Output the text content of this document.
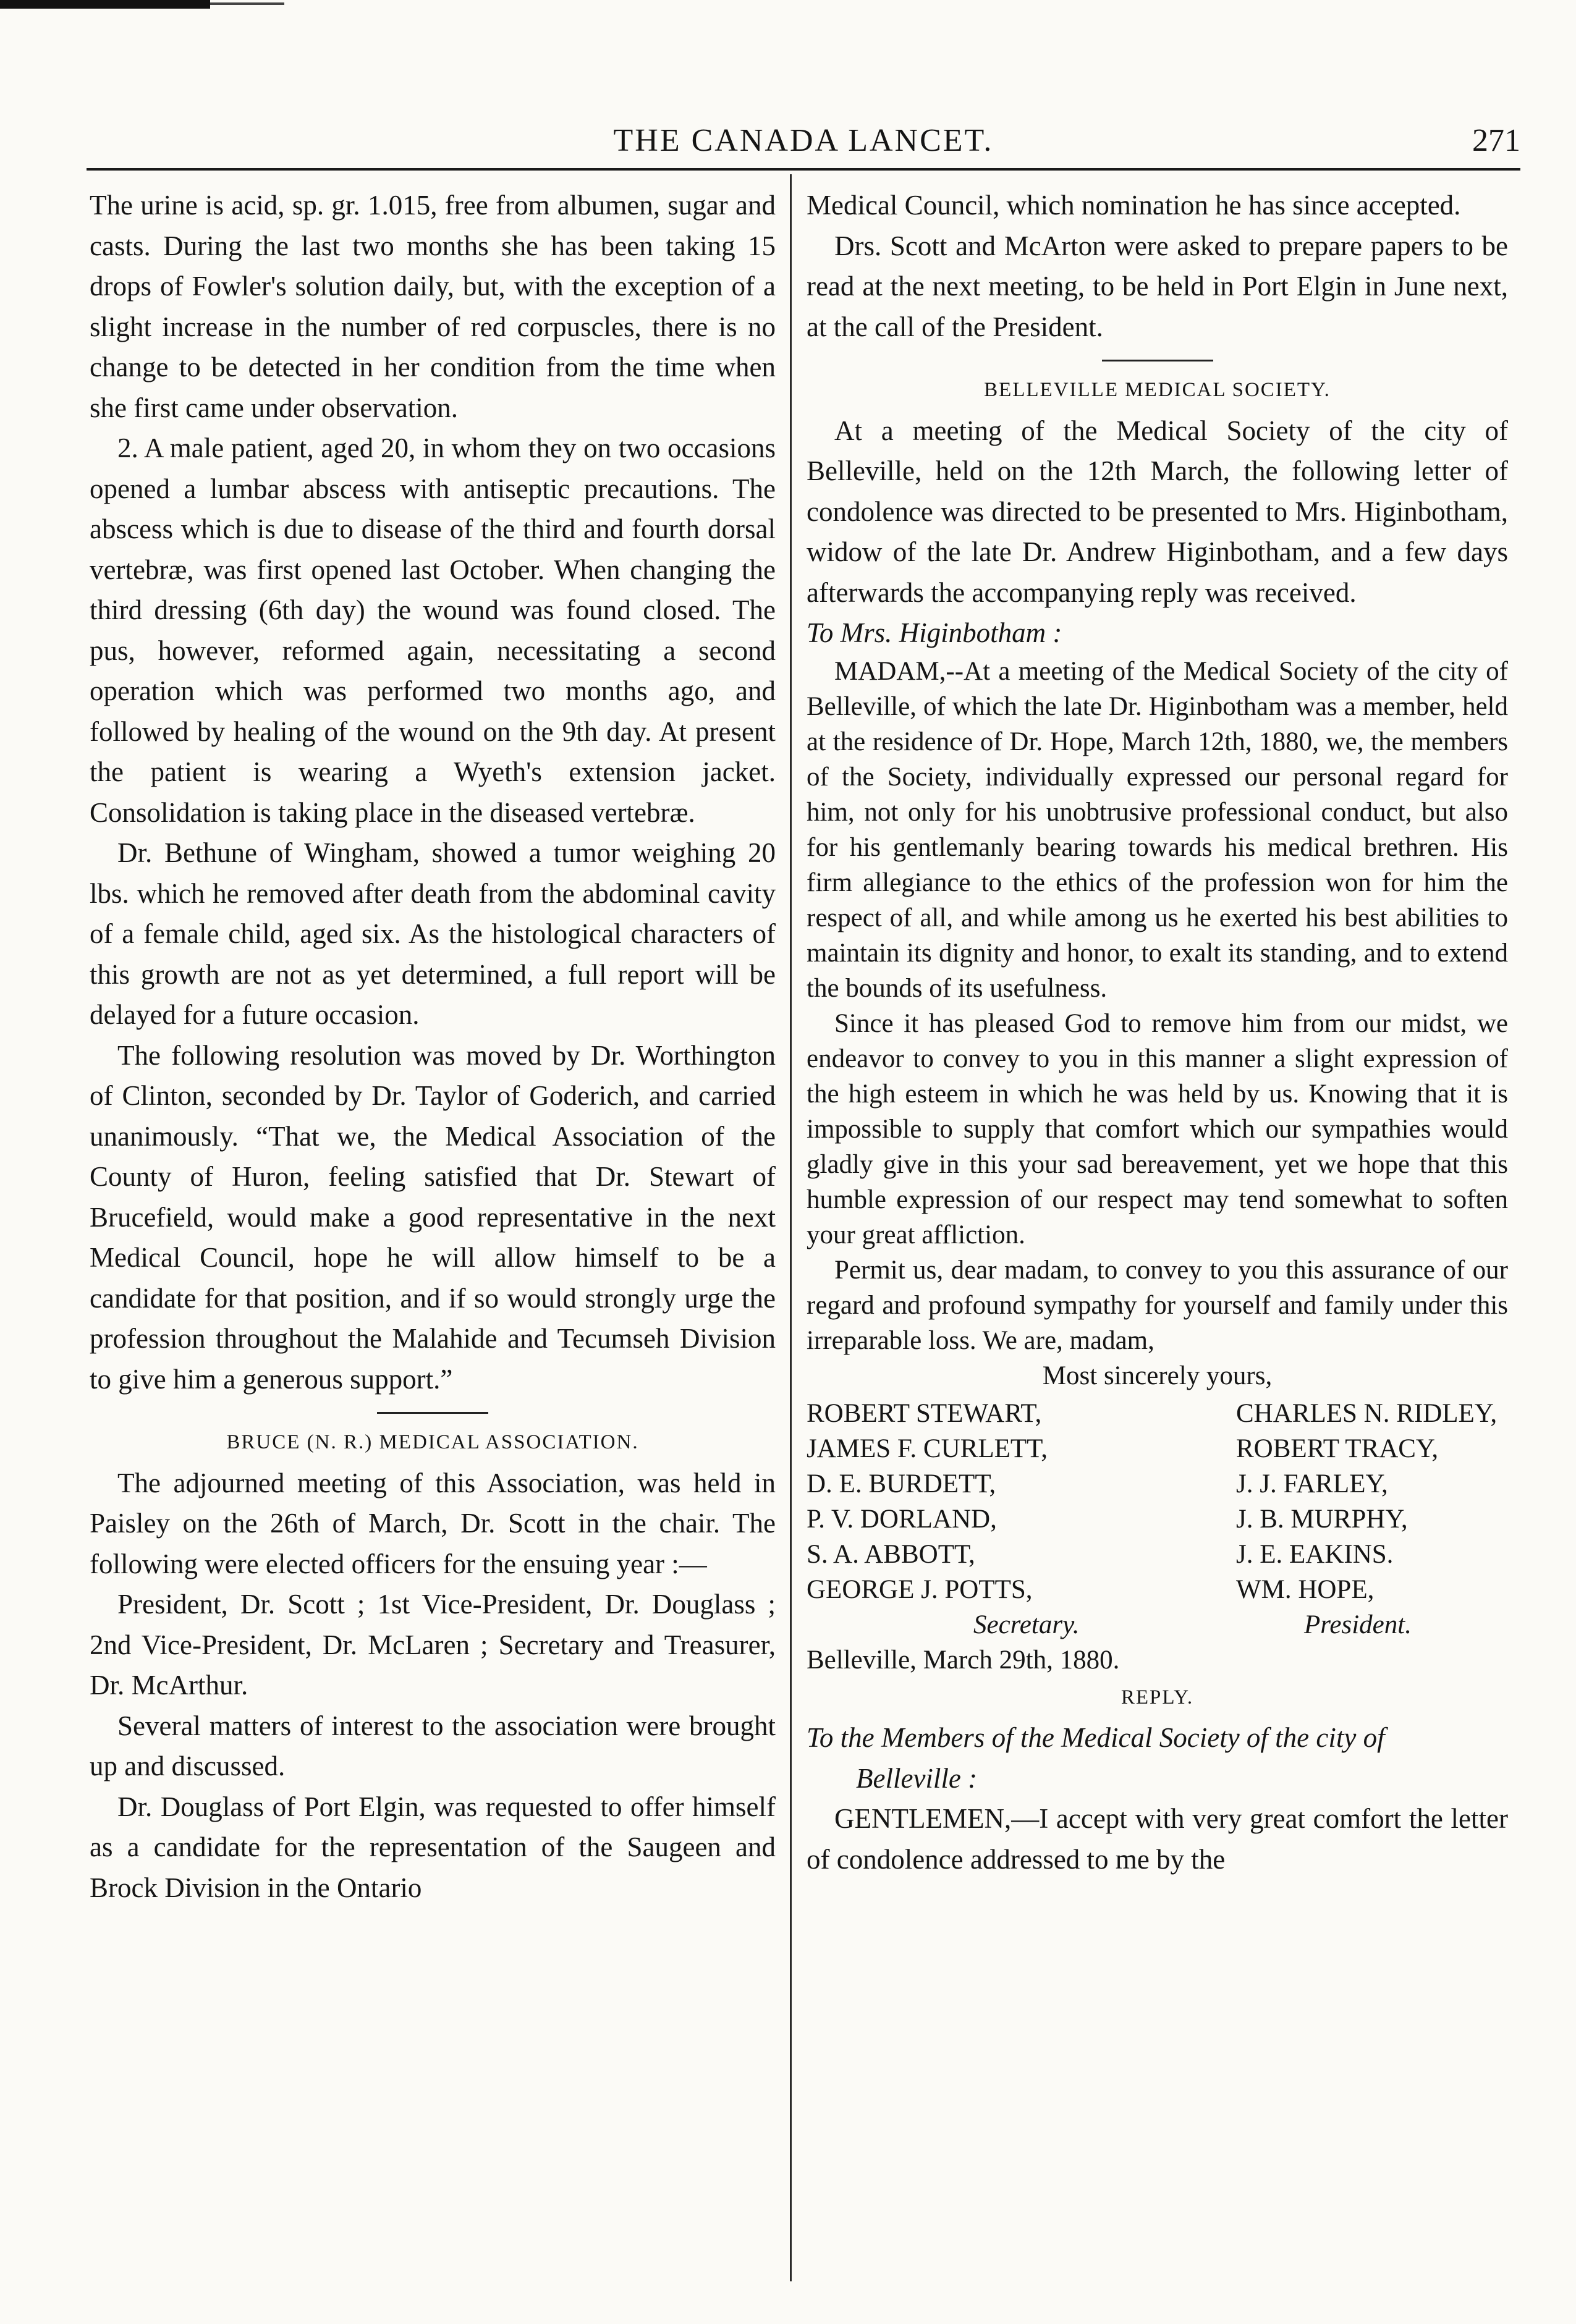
THE CANADA LANCET.	271

The urine is acid, sp. gr. 1.015, free from albumen, sugar and casts. During the last two months she has been taking 15 drops of Fowler's solution daily, but, with the exception of a slight increase in the number of red corpuscles, there is no change to be detected in her condition from the time when she first came under observation.

2. A male patient, aged 20, in whom they on two occasions opened a lumbar abscess with antiseptic precautions. The abscess which is due to disease of the third and fourth dorsal vertebræ, was first opened last October. When changing the third dressing (6th day) the wound was found closed. The pus, however, reformed again, necessitating a second operation which was performed two months ago, and followed by healing of the wound on the 9th day. At present the patient is wearing a Wyeth's extension jacket. Consolidation is taking place in the diseased vertebræ.

Dr. Bethune of Wingham, showed a tumor weighing 20 lbs. which he removed after death from the abdominal cavity of a female child, aged six. As the histological characters of this growth are not as yet determined, a full report will be delayed for a future occasion.

The following resolution was moved by Dr. Worthington of Clinton, seconded by Dr. Taylor of Goderich, and carried unanimously. “That we, the Medical Association of the County of Huron, feeling satisfied that Dr. Stewart of Brucefield, would make a good representative in the next Medical Council, hope he will allow himself to be a candidate for that position, and if so would strongly urge the profession throughout the Malahide and Tecumseh Division to give him a generous support.”

BRUCE (N. R.) MEDICAL ASSOCIATION.

The adjourned meeting of this Association, was held in Paisley on the 26th of March, Dr. Scott in the chair. The following were elected officers for the ensuing year :—

President, Dr. Scott ; 1st Vice-President, Dr. Douglass ; 2nd Vice-President, Dr. McLaren ; Secretary and Treasurer, Dr. McArthur.

Several matters of interest to the association were brought up and discussed.

Dr. Douglass of Port Elgin, was requested to offer himself as a candidate for the representation of the Saugeen and Brock Division in the Ontario

Medical Council, which nomination he has since accepted.

Drs. Scott and McArton were asked to prepare papers to be read at the next meeting, to be held in Port Elgin in June next, at the call of the President.

BELLEVILLE MEDICAL SOCIETY.

At a meeting of the Medical Society of the city of Belleville, held on the 12th March, the following letter of condolence was directed to be presented to Mrs. Higinbotham, widow of the late Dr. Andrew Higinbotham, and a few days afterwards the accompanying reply was received.

To Mrs. Higinbotham :

MADAM,--At a meeting of the Medical Society of the city of Belleville, of which the late Dr. Higinbotham was a member, held at the residence of Dr. Hope, March 12th, 1880, we, the members of the Society, individually expressed our personal regard for him, not only for his unobtrusive professional conduct, but also for his gentlemanly bearing towards his medical brethren. His firm allegiance to the ethics of the profession won for him the respect of all, and while among us he exerted his best abilities to maintain its dignity and honor, to exalt its standing, and to extend the bounds of its usefulness.

Since it has pleased God to remove him from our midst, we endeavor to convey to you in this manner a slight expression of the high esteem in which he was held by us. Knowing that it is impossible to supply that comfort which our sympathies would gladly give in this your sad bereavement, yet we hope that this humble expression of our respect may tend somewhat to soften your great affliction.

Permit us, dear madam, to convey to you this assurance of our regard and profound sympathy for yourself and family under this irreparable loss. We are, madam,

Most sincerely yours,

ROBERT STEWART,
JAMES F. CURLETT,
D. E. BURDETT,
P. V. DORLAND,
S. A. ABBOTT,
GEORGE J. POTTS,
Secretary.
CHARLES N. RIDLEY,
ROBERT TRACY,
J. J. FARLEY,
J. B. MURPHY,
J. E. EAKINS.
WM. HOPE,
President.

Belleville, March 29th, 1880.

REPLY.

To the Members of the Medical Society of the city of
Belleville :

GENTLEMEN,—I accept with very great comfort the letter of condolence addressed to me by the
